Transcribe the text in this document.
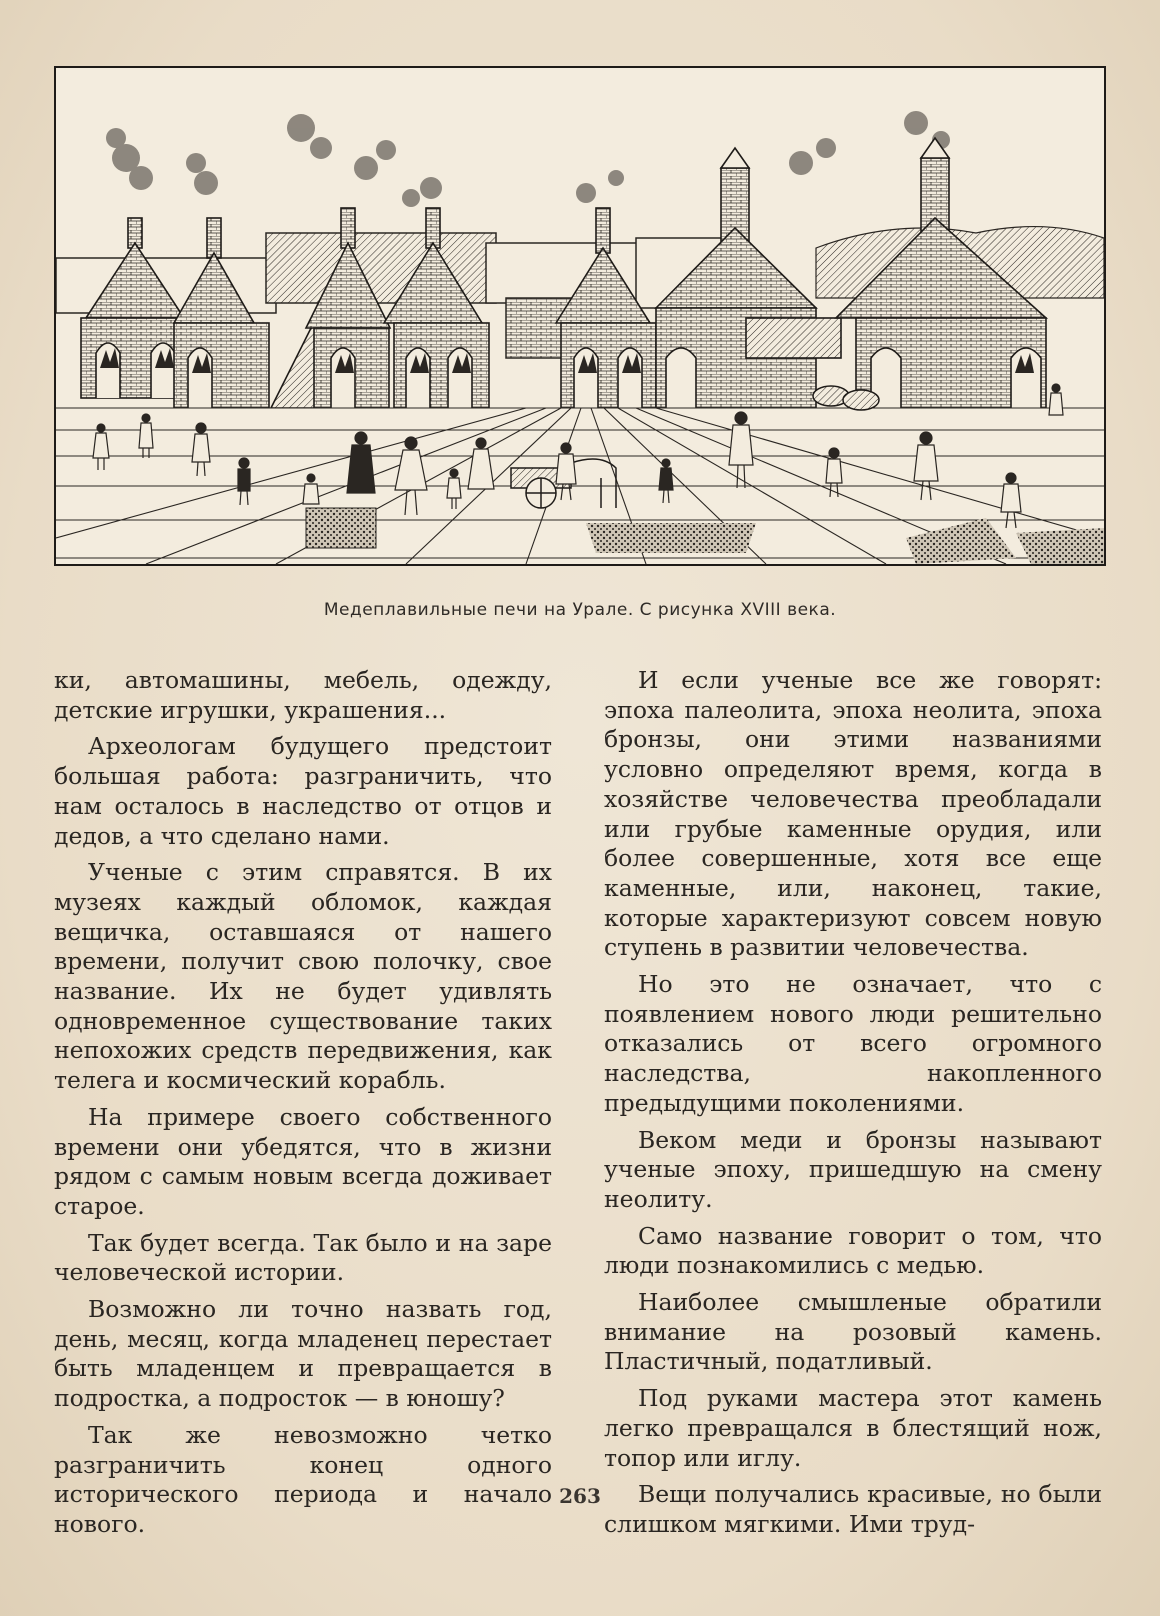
Медеплавильные печи на Урале. С рисунка XVIII века.

ки, автомашины, мебель, одежду, детские игрушки, украшения...

Археологам будущего предстоит большая работа: разграничить, что нам осталось в наследство от отцов и дедов, а что сделано нами.

Ученые с этим справятся. В их музеях каждый обломок, каждая вещичка, оставшаяся от нашего времени, получит свою полочку, свое название. Их не будет удивлять одновременное существование таких непохожих средств передвижения, как телега и космический корабль.

На примере своего собственного времени они убедятся, что в жизни рядом с самым новым всегда доживает старое.

Так будет всегда. Так было и на заре человеческой истории.

Возможно ли точно назвать год, день, месяц, когда младенец перестает быть младенцем и превращается в подростка, а подросток — в юношу?

Так же невозможно четко разграничить конец одного исторического периода и начало нового.

И если ученые все же говорят: эпоха палеолита, эпоха неолита, эпоха бронзы, они этими названиями условно определяют время, когда в хозяйстве человечества преобладали или грубые каменные орудия, или более совершенные, хотя все еще каменные, или, наконец, такие, которые характеризуют совсем новую ступень в развитии человечества.

Но это не означает, что с появлением нового люди решительно отказались от всего огромного наследства, накопленного предыдущими поколениями.

Веком меди и бронзы называют ученые эпоху, пришедшую на смену неолиту.

Само название говорит о том, что люди познакомились с медью.

Наиболее смышленые обратили внимание на розовый камень. Пластичный, податливый.

Под руками мастера этот камень легко превращался в блестящий нож, топор или иглу.

Вещи получались красивые, но были слишком мягкими. Ими труд-

263
